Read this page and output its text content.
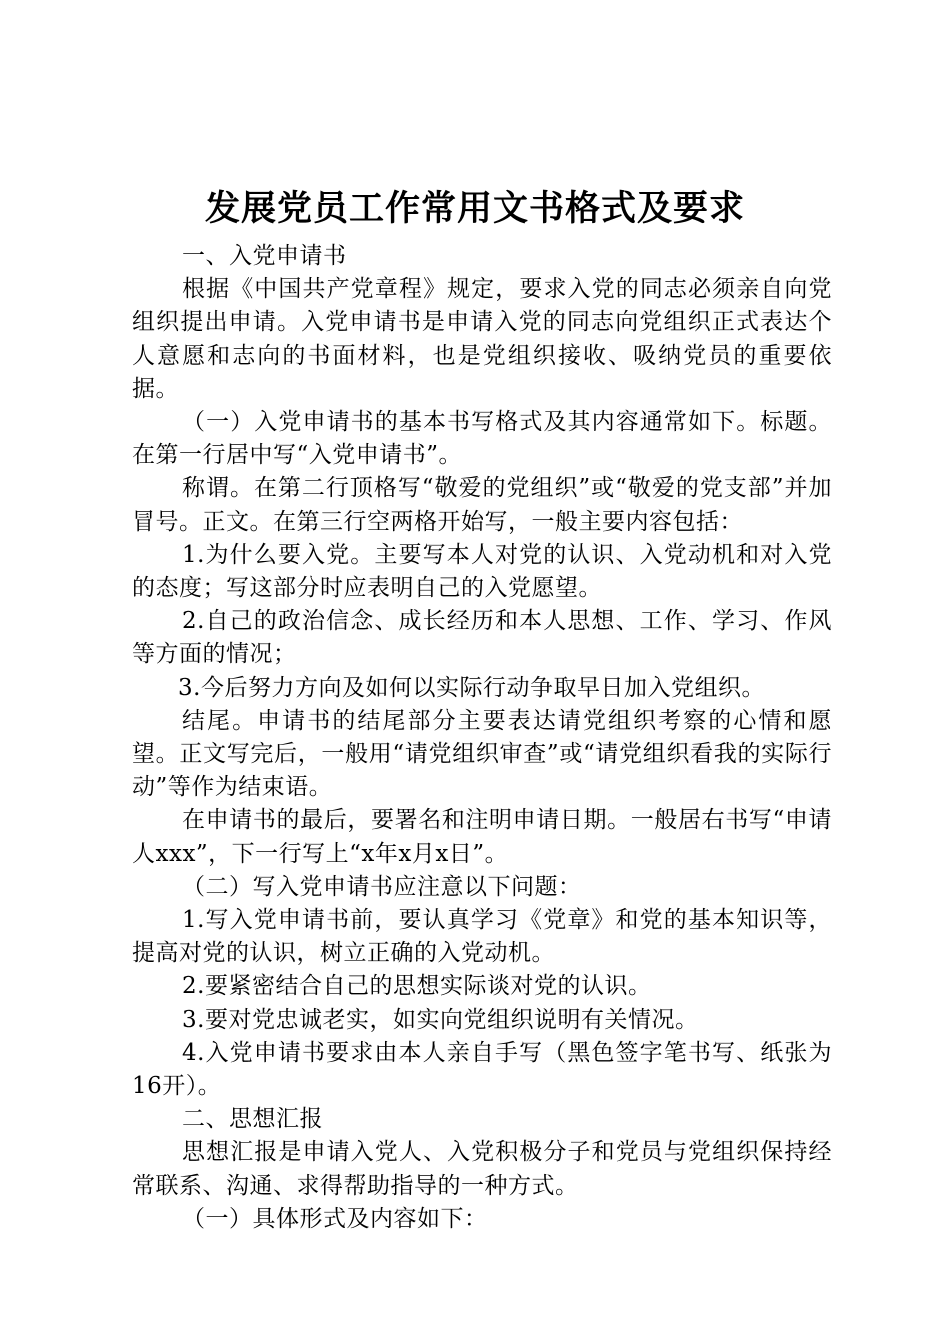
发展党员工作常用文书格式及要求

一、入党申请书

根据《中国共产党章程》规定，要求入党的同志必须亲自向党组织提出申请。入党申请书是申请入党的同志向党组织正式表达个人意愿和志向的书面材料，也是党组织接收、吸纳党员的重要依据。

（一）入党申请书的基本书写格式及其内容通常如下。标题。在第一行居中写“入党申请书”。

称谓。在第二行顶格写“敬爱的党组织”或“敬爱的党支部”并加冒号。正文。在第三行空两格开始写，一般主要内容包括：

1.为什么要入党。主要写本人对党的认识、入党动机和对入党的态度；写这部分时应表明自己的入党愿望。

2.自己的政治信念、成长经历和本人思想、工作、学习、作风等方面的情况；

3.今后努力方向及如何以实际行动争取早日加入党组织。

结尾。申请书的结尾部分主要表达请党组织考察的心情和愿望。正文写完后，一般用“请党组织审查”或“请党组织看我的实际行动”等作为结束语。

在申请书的最后，要署名和注明申请日期。一般居右书写“申请人xxx”，下一行写上“x年x月x日”。

（二）写入党申请书应注意以下问题：

1.写入党申请书前，要认真学习《党章》和党的基本知识等，提高对党的认识，树立正确的入党动机。

2.要紧密结合自己的思想实际谈对党的认识。

3.要对党忠诚老实，如实向党组织说明有关情况。

4.入党申请书要求由本人亲自手写（黑色签字笔书写、纸张为16开）。

二、思想汇报

思想汇报是申请入党人、入党积极分子和党员与党组织保持经常联系、沟通、求得帮助指导的一种方式。

（一）具体形式及内容如下：
